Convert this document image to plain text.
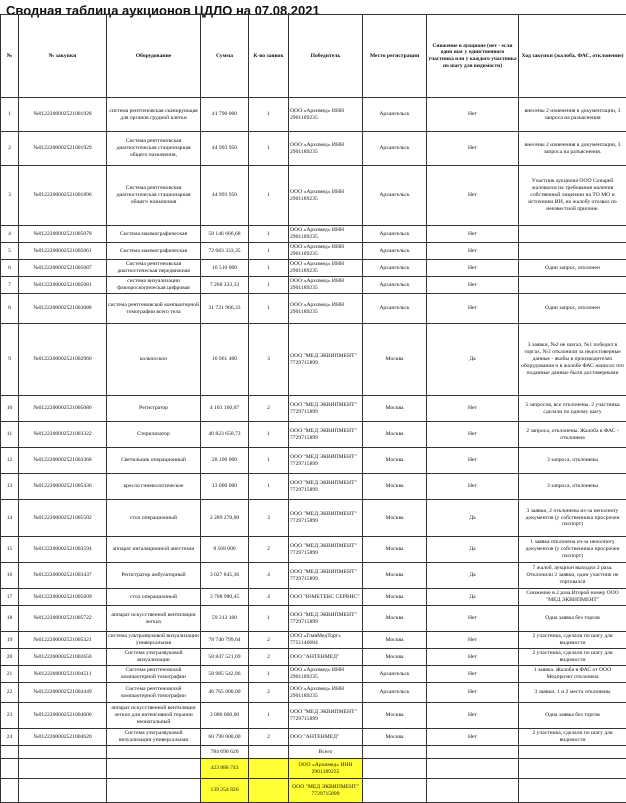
Сводная таблица аукционов ЦДЛО на 07.08.2021
№	№ закупки	Оборудование	Сумма	К-во заявок	Победитель	Место регистрации	Снижение в аукционе (нет - если один шаг у единственного участника или у каждого участника по шагу для видимости)	Ход закупки (жалоба, ФАС, отклонение)
1	№0122200002521001928	система рентгеновская сканирующая для органов грудной клетки	41 790 000	1	ООО «Архимед» ИНН 2901189235	Архангельск	Нет	внесены 2 изменения в документации, 3 запроса на разъяснения
2	№0122200002521001929	Система рентгеновская диагностическая стационарная общего назначения,	44 993 950	1	ООО «Архимед» ИНН 2901189235	Архангельск	Нет	внесены 2 изменения в документации, 3 запроса на разъяснения.
3	№0122200002521001896	Система рентгеновская диагностическая стационарная общего назначения	44 993 950	1	ООО «Архимед» ИНН 2901189235	Архангельск	Нет	Участник аукциона ООО Сонарей жаловался на требования наличия собственной лицензии на ТО МО и источники ИИ, но жалобу отозвал по неизвестной причине.
4	№0122200002521005078	Система маммографическая	58 146 666,68	1	ООО «Архимед» ИНН 2901189235	Архангельск	Нет	
5	№0122200002521005061	Система маммографическая	72 683 333,35	1	ООО «Архимед» ИНН 2901189235	Архангельск	Нет	
6	№0122200002521005087	Система рентгеновская диагностическая передвижная	16 510 000	1	ООО «Архимед» ИНН 2901189235	Архангельск	Нет	Один запрос, отклонен
7	№0122200002521005081	система визуализации флюороскопическая цифровая	7 268 333,33	1	ООО «Архимед» ИНН 2901189235	Архангельск	Нет	
8	№0122200002521003088	система рентгеновской компьютерной томографии всего тела	31 721 966,33	1	ООО «Архимед» ИНН 2901189235	Архангельск	Нет	Один запрос, отклонен
9	№0122200002521002960	кольпоскоп	16 961 400	3	ООО "МЕД ЭКВИПМЕНТ" 7729715899	Москва	Да	3 заявки, №2 не шагал, №1 победил в торгах, №3 отклонили за недостоверные данные - якобы в производителях оборудования и в жалобе ФАС написал что поданные данные были достоверными
10	№0122200002521005086	Регистратор	4 103 160,07	2	ООО "МЕД ЭКВИПМЕНТ" 7729715899	Москва	Нет	5 запросов, все отклонены. 2 участника сделали по одному шагу
11	№0122200002521003322	Стерилизатор	40 823 650,73	1	ООО "МЕД ЭКВИПМЕНТ" 7729715899	Москва	Нет	2 запроса, отклонены. Жалоба в ФАС - отклонена
12	№0122200002521003368	Светильник операционный	28 100 000	1	ООО "МЕД ЭКВИПМЕНТ" 7729715899	Москва	Нет	3 запроса, отклонены
13	№0122200002521005436	кресло гинекологическое	13 000 000	1	ООО "МЕД ЭКВИПМЕНТ" 7729715899	Москва	Нет	3 запроса, отклонены
14	№0122200002521005502	стол операционный	2 289 270,00	3	ООО "МЕД ЭКВИПМЕНТ" 7729715899	Москва	Да	3 заявки, 2 отклонены из-за неполноту документов (у собственника просрочен паспорт)
15	№0122200002521003594	аппарат ингаляционной анестезии	8 568 000	2	ООО "МЕД ЭКВИПМЕНТ" 7729715899	Москва	Да	1 заявка отклонена из-за неполноту документов (у собственника просрочен паспорт)
16	№0122200002521003437	Регистратор амбулаторный	3 027 845,36	4	ООО "МЕД ЭКВИПМЕНТ" 7729715899	Москва	Да	7 жалоб, аукцион выходил 2 раза. Отклонили 2 заявки, один участник не торговался
17	№0122200002521005609	стол операционный	3 708 980,45	4	ООО "ЮМЕТЕКС СЕРВИС"	Москва	Да	Снижение в 2 раза.Второй номер ООО "МЕД ЭКВИПМЕНТ"
18	№0122200002521005722	аппарат искусственной вентиляции легких	59 312 100	1	ООО "МЕД ЭКВИПМЕНТ" 7729715899	Москва	Нет	Одна заявка без торгов
19	№0122200002521005321	система ультразвуковой визуализации универсальная	78 740 799,64	2	ООО «ГлавМедТорг» 7751146684	Москва	Нет	2 участника, сделали по шагу для видимости
20	№0122200002521002658	Система ультразвуковой визуализации	58 847 521,69	2	ООО "АНТЕНМЕД"	Москва	Нет	2 участника, сделали по шагу для видимости
21	№0122200002521004511	Система рентгеновской компьютерной томографии	58 985 542,86	1	ООО «Архимед» ИНН 2901189235	Архангельск	Нет	1 заявка. Жалоба в ФАС от ООО Медпроэкт отклонена
22	№0122200002521004449	Система рентгеновской компьютерной томографии	46 765 000,00	2	ООО «Архимед» ИНН 2901189235	Архангельск	Нет	3 заявки. 1 и 2 места отклонены
23	№0122200002521004600	аппарат искусственной вентиляции легких для интенсивной терапии неонатальный	3 000 000,00	1	ООО "МЕД ЭКВИПМЕНТ" 7729715899	Москва	Нет	Одна заявка без торгов
24	№0122200002521004620	Система ультразвуковой визуализации универсальная	60 790 000,00	2	ООО "АНТЕНМЕД"	Москва	Нет	2 участника, сделали по шагу для видимости
			784 690 620		Всего			
			423 888 743		ООО «Архимед» ИНН 2901189235			
			139 254 826		ООО "МЕД ЭКВИПМЕНТ" 7729715899			
